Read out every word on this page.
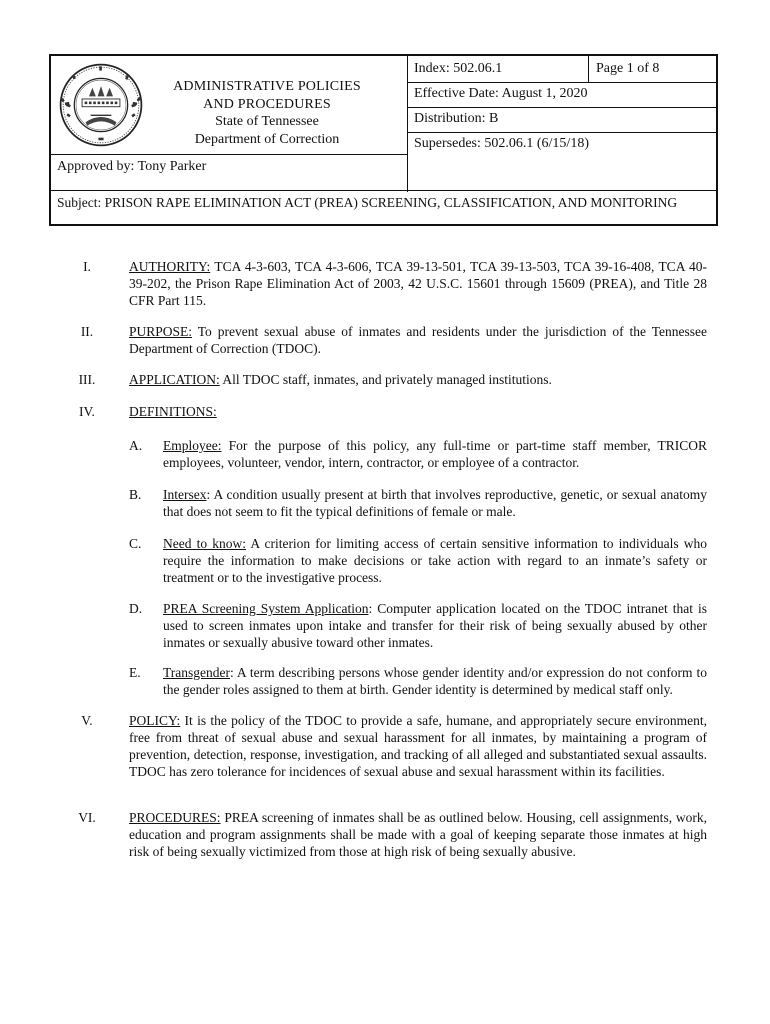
ADMINISTRATIVE POLICIES
AND PROCEDURES
State of Tennessee
Department of Correction
Index: 502.06.1	Page 1 of 8
Effective Date: August 1, 2020
Distribution: B
Supersedes: 502.06.1 (6/15/18)
Approved by: Tony Parker
Subject: PRISON RAPE ELIMINATION ACT (PREA) SCREENING, CLASSIFICATION, AND MONITORING
I.	AUTHORITY: TCA 4-3-603, TCA 4-3-606, TCA 39-13-501, TCA 39-13-503, TCA 39-16-408, TCA 40-39-202, the Prison Rape Elimination Act of 2003, 42 U.S.C. 15601 through 15609 (PREA), and Title 28 CFR Part 115.
II.	PURPOSE: To prevent sexual abuse of inmates and residents under the jurisdiction of the Tennessee Department of Correction (TDOC).
III.	APPLICATION: All TDOC staff, inmates, and privately managed institutions.
IV.	DEFINITIONS:
A.	Employee: For the purpose of this policy, any full-time or part-time staff member, TRICOR employees, volunteer, vendor, intern, contractor, or employee of a contractor.
B.	Intersex: A condition usually present at birth that involves reproductive, genetic, or sexual anatomy that does not seem to fit the typical definitions of female or male.
C.	Need to know: A criterion for limiting access of certain sensitive information to individuals who require the information to make decisions or take action with regard to an inmate’s safety or treatment or to the investigative process.
D.	PREA Screening System Application: Computer application located on the TDOC intranet that is used to screen inmates upon intake and transfer for their risk of being sexually abused by other inmates or sexually abusive toward other inmates.
E.	Transgender: A term describing persons whose gender identity and/or expression do not conform to the gender roles assigned to them at birth. Gender identity is determined by medical staff only.
V.	POLICY: It is the policy of the TDOC to provide a safe, humane, and appropriately secure environment, free from threat of sexual abuse and sexual harassment for all inmates, by maintaining a program of prevention, detection, response, investigation, and tracking of all alleged and substantiated sexual assaults. TDOC has zero tolerance for incidences of sexual abuse and sexual harassment within its facilities.
VI.	PROCEDURES: PREA screening of inmates shall be as outlined below. Housing, cell assignments, work, education and program assignments shall be made with a goal of keeping separate those inmates at high risk of being sexually victimized from those at high risk of being sexually abusive.
